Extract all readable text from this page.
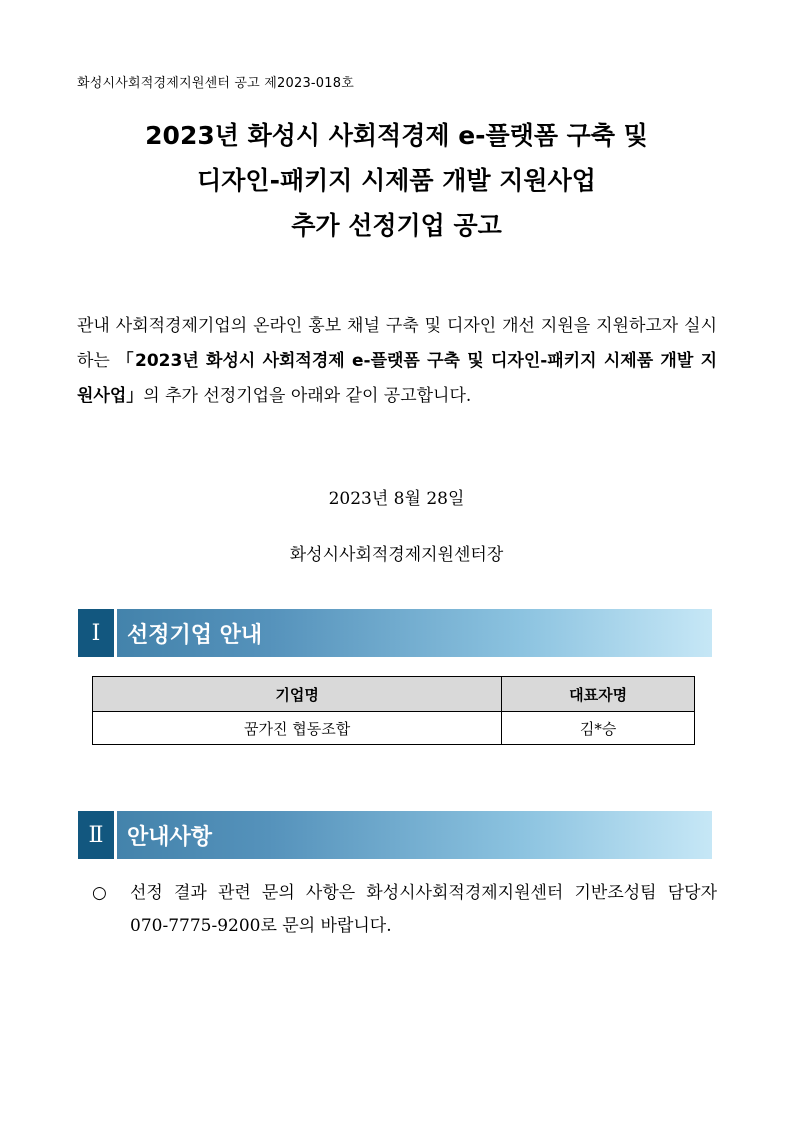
화성시사회적경제지원센터 공고 제2023-018호
2023년 화성시 사회적경제 e-플랫폼 구축 및
디자인-패키지 시제품 개발 지원사업
추가 선정기업 공고
관내 사회적경제기업의 온라인 홍보 채널 구축 및 디자인 개선 지원을 지원하고자 실시하는 「2023년 화성시 사회적경제 e-플랫폼 구축 및 디자인-패키지 시제품 개발 지원사업」의 추가 선정기업을 아래와 같이 공고합니다.
2023년 8월 28일
화성시사회적경제지원센터장
Ⅰ	선정기업 안내
기업명	대표자명
꿈가진 협동조합	김*승
Ⅱ	안내사항
○	선정 결과 관련 문의 사항은 화성시사회적경제지원센터 기반조성팀 담당자 070-7775-9200로 문의 바랍니다.
